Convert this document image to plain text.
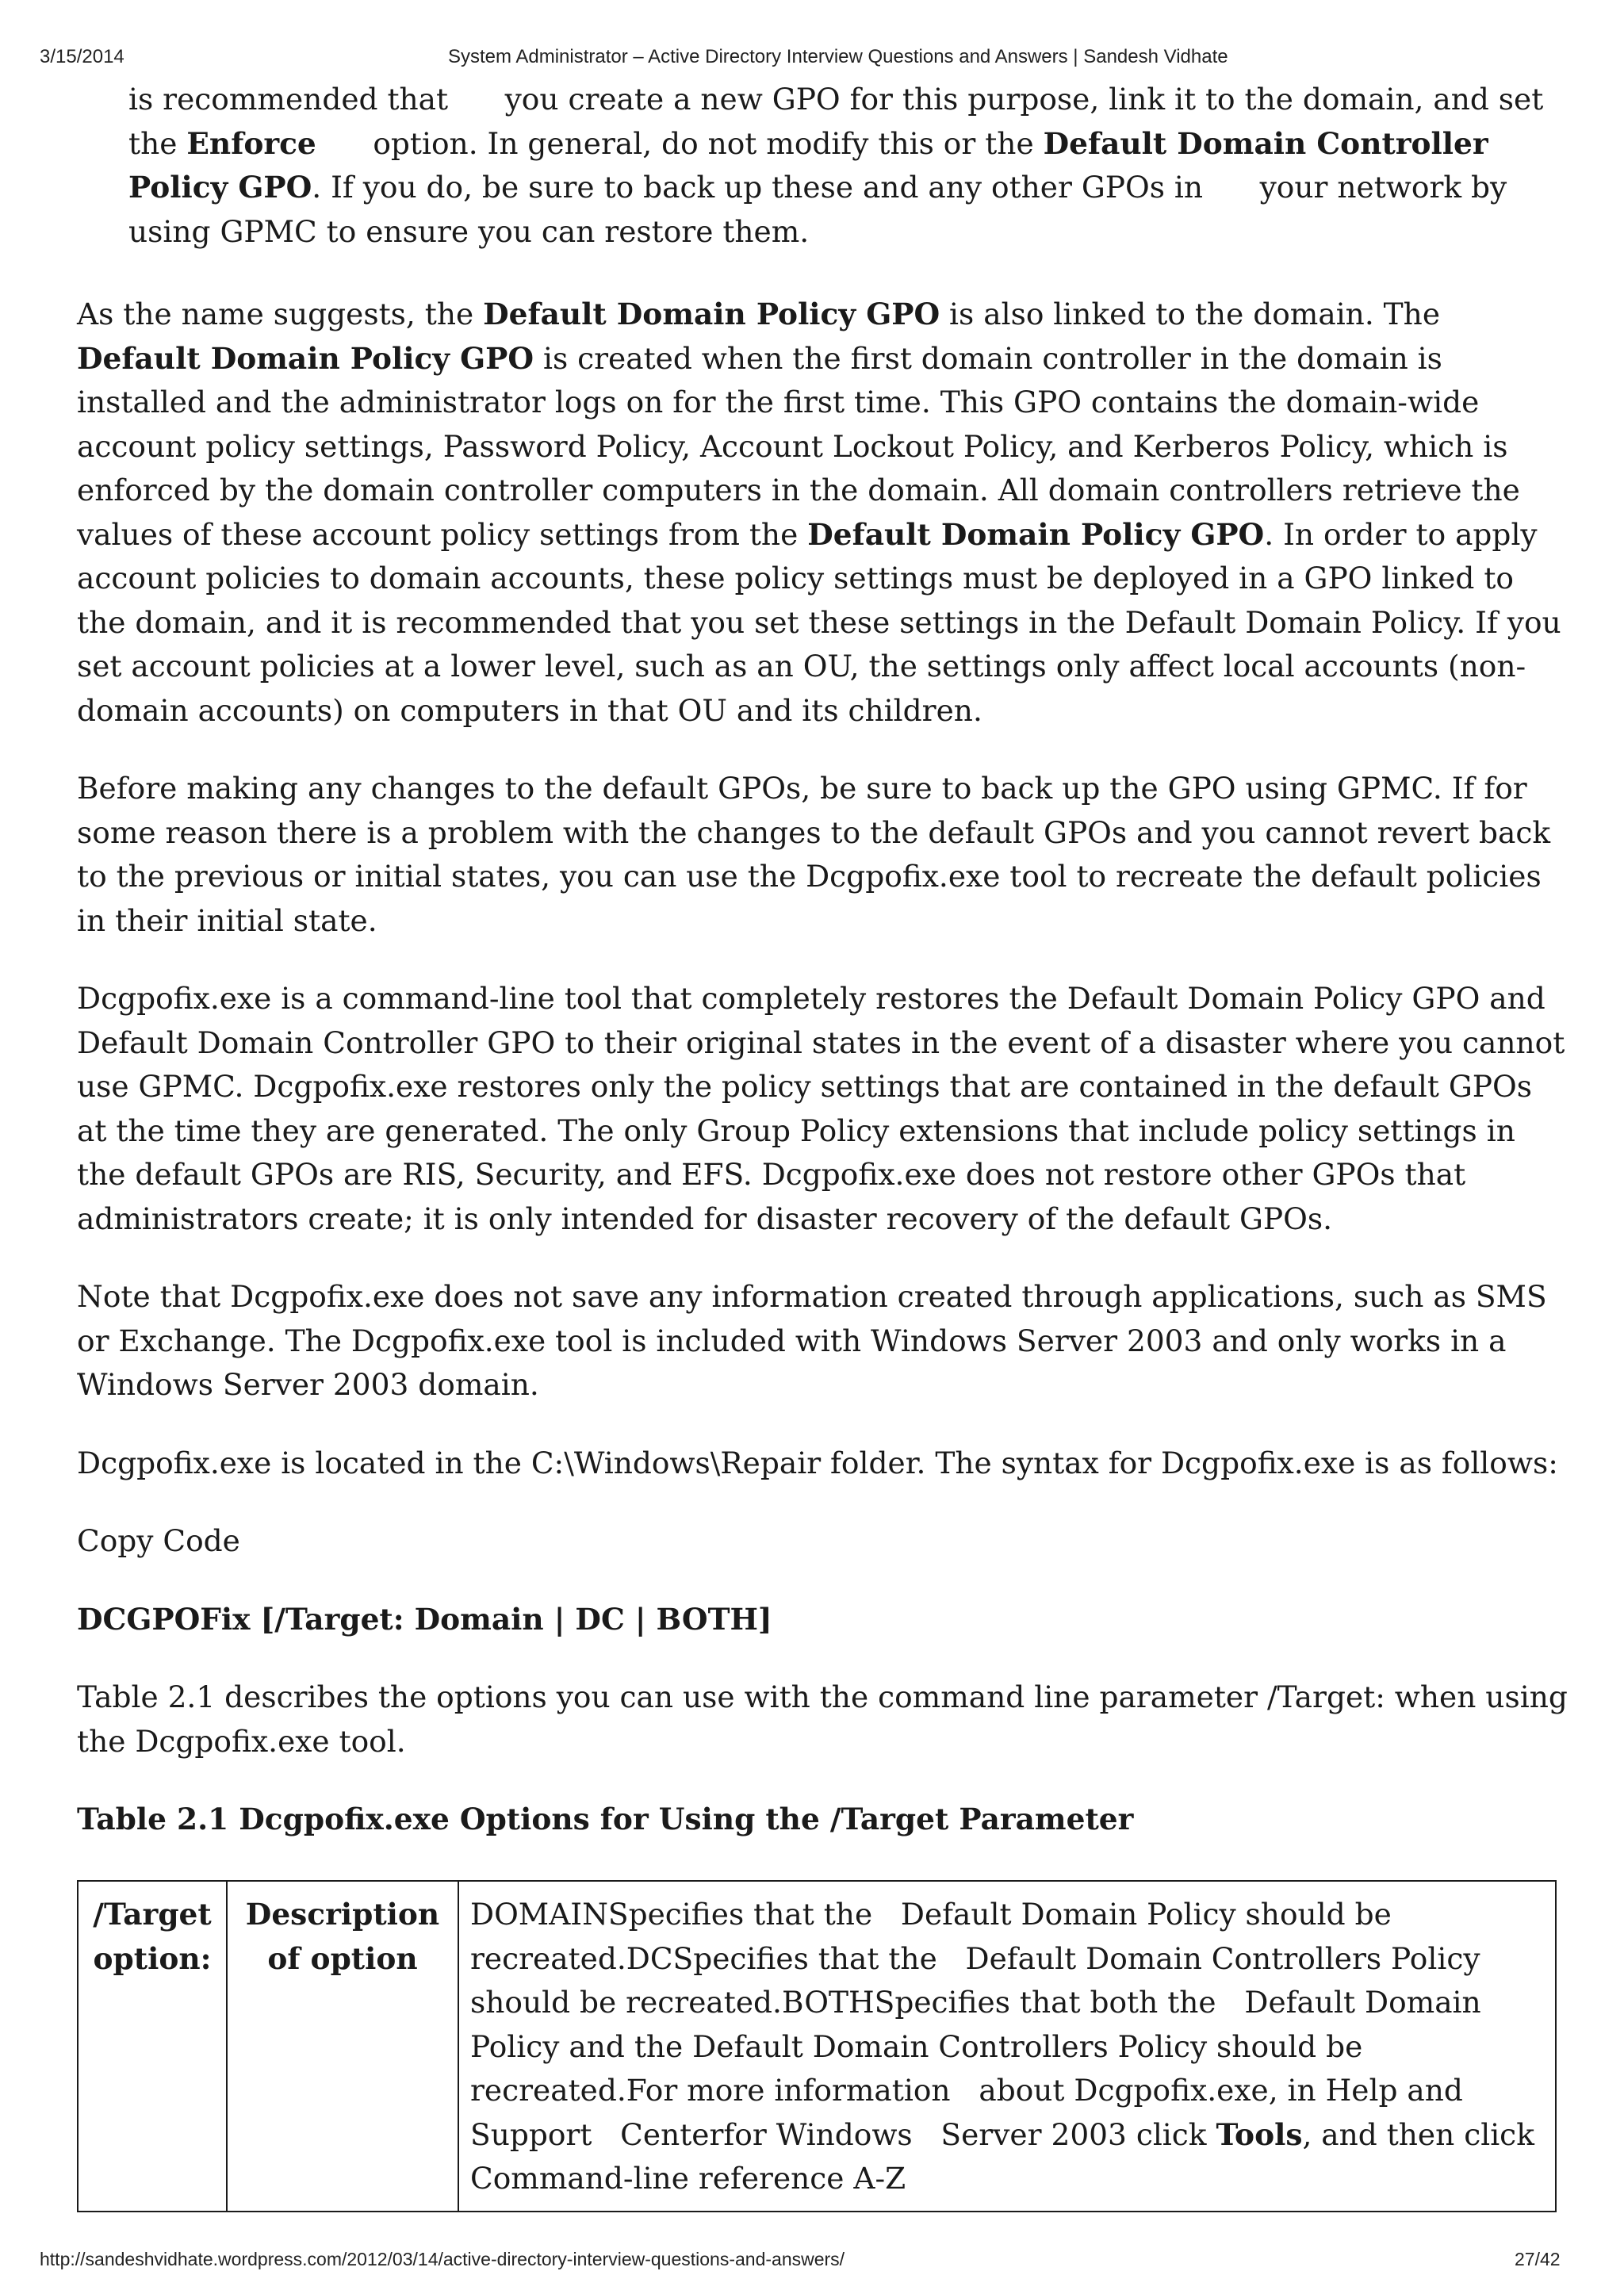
3/15/2014	System Administrator – Active Directory Interview Questions and Answers | Sandesh Vidhate

is recommended that      you create a new GPO for this purpose, link it to the domain, and set the Enforce      option. In general, do not modify this or the Default Domain Controller Policy GPO. If you do, be sure to back up these and any other GPOs in      your network by using GPMC to ensure you can restore them.

As the name suggests, the Default Domain Policy GPO is also linked to the domain. The Default Domain Policy GPO is created when the first domain controller in the domain is installed and the administrator logs on for the first time. This GPO contains the domain-wide account policy settings, Password Policy, Account Lockout Policy, and Kerberos Policy, which is enforced by the domain controller computers in the domain. All domain controllers retrieve the values of these account policy settings from the Default Domain Policy GPO. In order to apply account policies to domain accounts, these policy settings must be deployed in a GPO linked to the domain, and it is recommended that you set these settings in the Default Domain Policy. If you set account policies at a lower level, such as an OU, the settings only affect local accounts (non-domain accounts) on computers in that OU and its children.

Before making any changes to the default GPOs, be sure to back up the GPO using GPMC. If for some reason there is a problem with the changes to the default GPOs and you cannot revert back to the previous or initial states, you can use the Dcgpofix.exe tool to recreate the default policies in their initial state.

Dcgpofix.exe is a command-line tool that completely restores the Default Domain Policy GPO and Default Domain Controller GPO to their original states in the event of a disaster where you cannot use GPMC. Dcgpofix.exe restores only the policy settings that are contained in the default GPOs at the time they are generated. The only Group Policy extensions that include policy settings in the default GPOs are RIS, Security, and EFS. Dcgpofix.exe does not restore other GPOs that administrators create; it is only intended for disaster recovery of the default GPOs.

Note that Dcgpofix.exe does not save any information created through applications, such as SMS or Exchange. The Dcgpofix.exe tool is included with Windows Server 2003 and only works in a Windows Server 2003 domain.

Dcgpofix.exe is located in the C:\Windows\Repair folder. The syntax for Dcgpofix.exe is as follows:

Copy Code

DCGPOFix [/Target: Domain | DC | BOTH]

Table 2.1 describes the options you can use with the command line parameter /Target: when using the Dcgpofix.exe tool.

Table 2.1 Dcgpofix.exe Options for Using the /Target Parameter

/Target option:	Description of option	DOMAINSpecifies that the   Default Domain Policy should be recreated.DCSpecifies that the   Default Domain Controllers Policy should be recreated.BOTHSpecifies that both the   Default Domain Policy and the Default Domain Controllers Policy should be recreated.For more information   about Dcgpofix.exe, in Help and Support   Centerfor Windows   Server 2003 click Tools, and then click Command-line reference A-Z
http://sandeshvidhate.wordpress.com/2012/03/14/active-directory-interview-questions-and-answers/	27/42
